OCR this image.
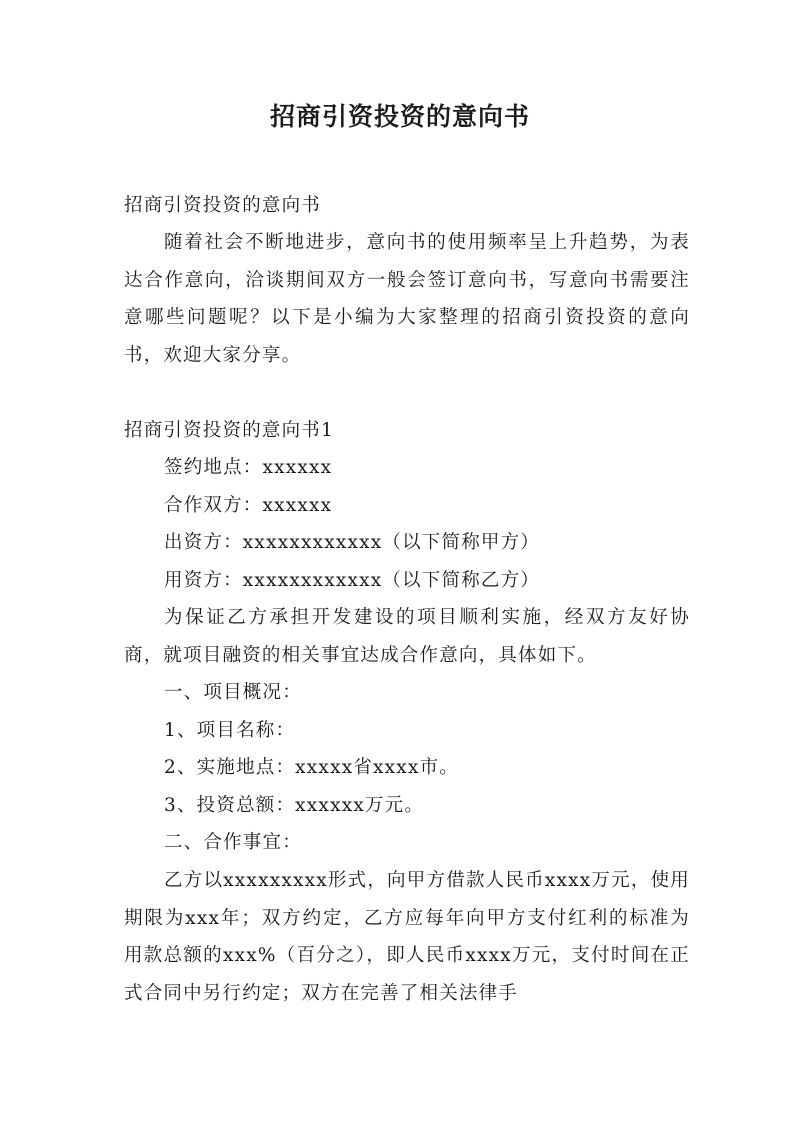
招商引资投资的意向书

招商引资投资的意向书

随着社会不断地进步，意向书的使用频率呈上升趋势，为表达合作意向，洽谈期间双方一般会签订意向书，写意向书需要注意哪些问题呢？以下是小编为大家整理的招商引资投资的意向书，欢迎大家分享。

招商引资投资的意向书1

签约地点：xxxxxx

合作双方：xxxxxx

出资方：xxxxxxxxxxxx（以下简称甲方）

用资方：xxxxxxxxxxxx（以下简称乙方）

为保证乙方承担开发建设的项目顺利实施，经双方友好协商，就项目融资的相关事宜达成合作意向，具体如下。

一、项目概况：

1、项目名称：

2、实施地点：xxxxx省xxxx市。

3、投资总额：xxxxxx万元。

二、合作事宜：

乙方以xxxxxxxxx形式，向甲方借款人民币xxxx万元，使用期限为xxx年；双方约定，乙方应每年向甲方支付红利的标准为用款总额的xxx%（百分之），即人民币xxxx万元，支付时间在正式合同中另行约定；双方在完善了相关法律手
